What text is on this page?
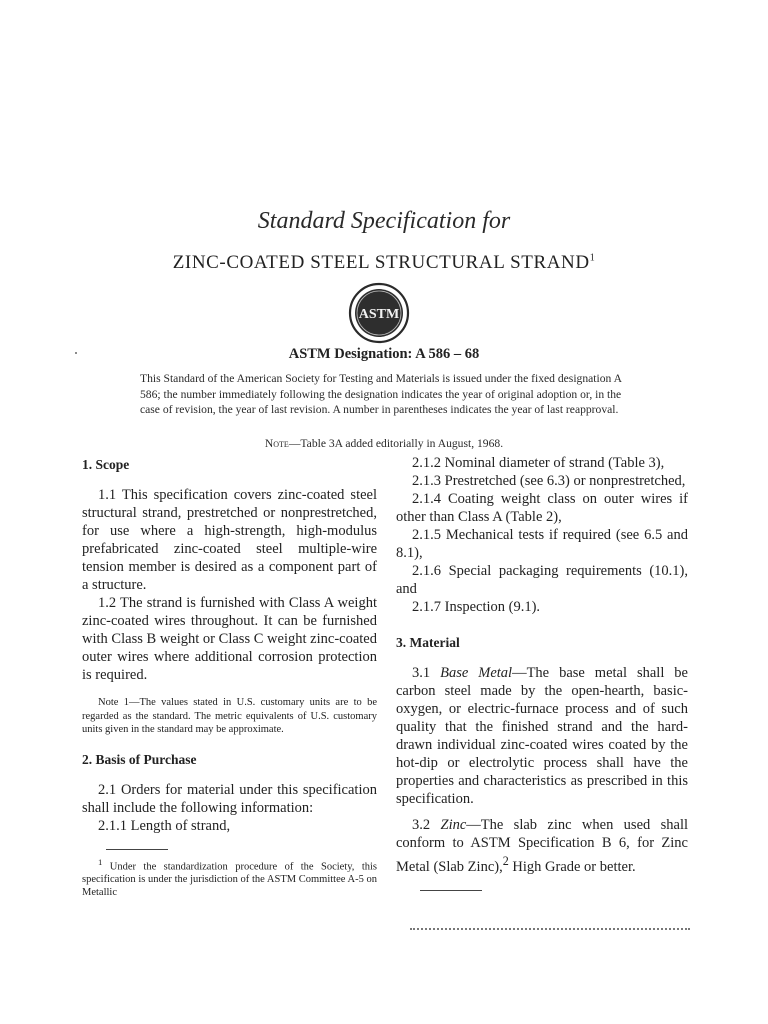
Standard Specification for
ZINC-COATED STEEL STRUCTURAL STRAND$^1$
ASTM
ASTM Designation: A 586 – 68
This Standard of the American Society for Testing and Materials is issued under the fixed designation A 586; the number immediately following the designation indicates the year of original adoption or, in the case of revision, the year of last revision. A number in parentheses indicates the year of last reapproval.
Note—Table 3A added editorially in August, 1968.
1. Scope

1.1 This specification covers zinc-coated steel structural strand, prestretched or nonprestretched, for use where a high-strength, high-modulus prefabricated zinc-coated steel multiple-wire tension member is desired as a component part of a structure.

1.2 The strand is furnished with Class A weight zinc-coated wires throughout. It can be furnished with Class B weight or Class C weight zinc-coated outer wires where additional corrosion protection is required.

Note 1—The values stated in U.S. customary units are to be regarded as the standard. The metric equivalents of U.S. customary units given in the standard may be approximate.

2. Basis of Purchase

2.1 Orders for material under this specification shall include the following information:

2.1.1 Length of strand,

$^1$ Under the standardization procedure of the Society, this specification is under the jurisdiction of the ASTM Committee A-5 on Metallic

2.1.2 Nominal diameter of strand (Table 3),

2.1.3 Prestretched (see 6.3) or nonprestretched,

2.1.4 Coating weight class on outer wires if other than Class A (Table 2),

2.1.5 Mechanical tests if required (see 6.5 and 8.1),

2.1.6 Special packaging requirements (10.1), and

2.1.7 Inspection (9.1).

3. Material

3.1 Base Metal—The base metal shall be carbon steel made by the open-hearth, basic-oxygen, or electric-furnace process and of such quality that the finished strand and the hard-drawn individual zinc-coated wires coated by the hot-dip or electrolytic process shall have the properties and characteristics as prescribed in this specification.

3.2 Zinc—The slab zinc when used shall conform to ASTM Specification B 6, for Zinc Metal (Slab Zinc),$^2$ High Grade or better.
